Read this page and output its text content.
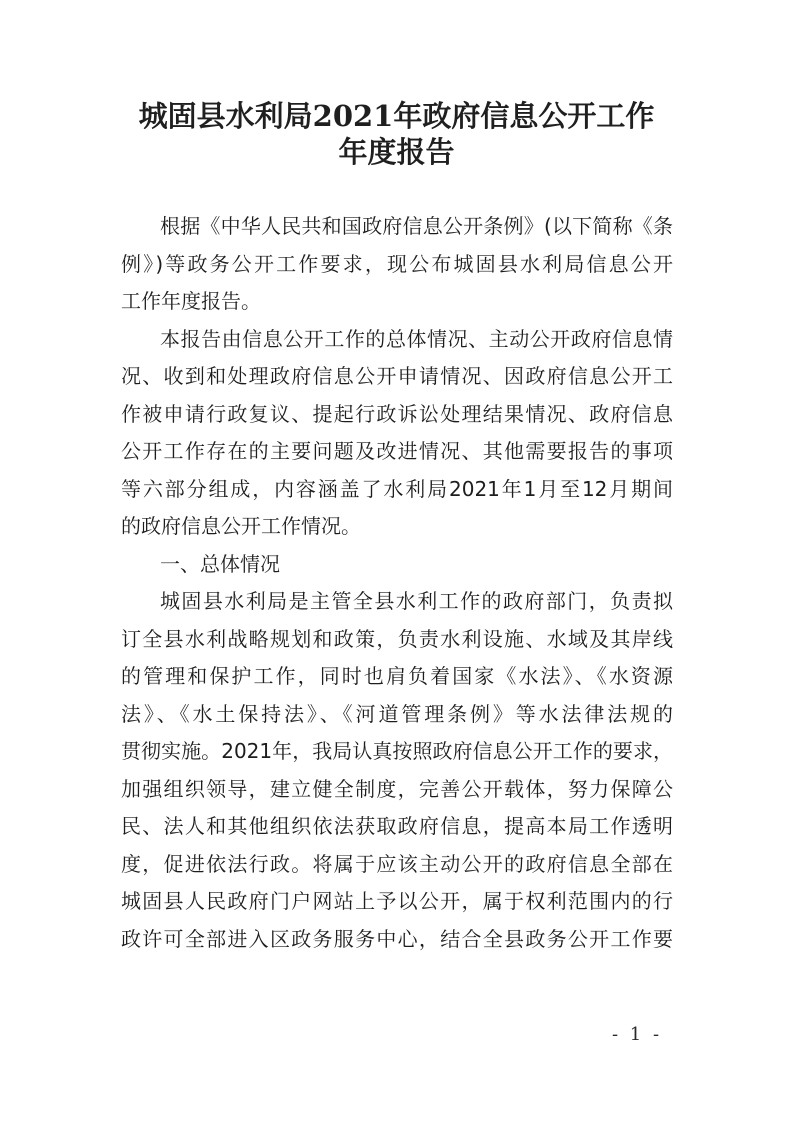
城固县水利局2021年政府信息公开工作
年度报告
根据《中华人民共和国政府信息公开条例》(以下简称《条
例》)等政务公开工作要求，现公布城固县水利局信息公开
工作年度报告。
本报告由信息公开工作的总体情况、主动公开政府信息情
况、收到和处理政府信息公开申请情况、因政府信息公开工
作被申请行政复议、提起行政诉讼处理结果情况、政府信息
公开工作存在的主要问题及改进情况、其他需要报告的事项
等六部分组成，内容涵盖了水利局2021年1月至12月期间
的政府信息公开工作情况。
一、总体情况
城固县水利局是主管全县水利工作的政府部门，负责拟
订全县水利战略规划和政策，负责水利设施、水域及其岸线
的管理和保护工作，同时也肩负着国家《水法》、《水资源
法》、《水土保持法》、《河道管理条例》等水法律法规的
贯彻实施。2021年，我局认真按照政府信息公开工作的要求，
加强组织领导，建立健全制度，完善公开载体，努力保障公
民、法人和其他组织依法获取政府信息，提高本局工作透明
度，促进依法行政。将属于应该主动公开的政府信息全部在
城固县人民政府门户网站上予以公开，属于权利范围内的行
政许可全部进入区政务服务中心，结合全县政务公开工作要
- 1 -
